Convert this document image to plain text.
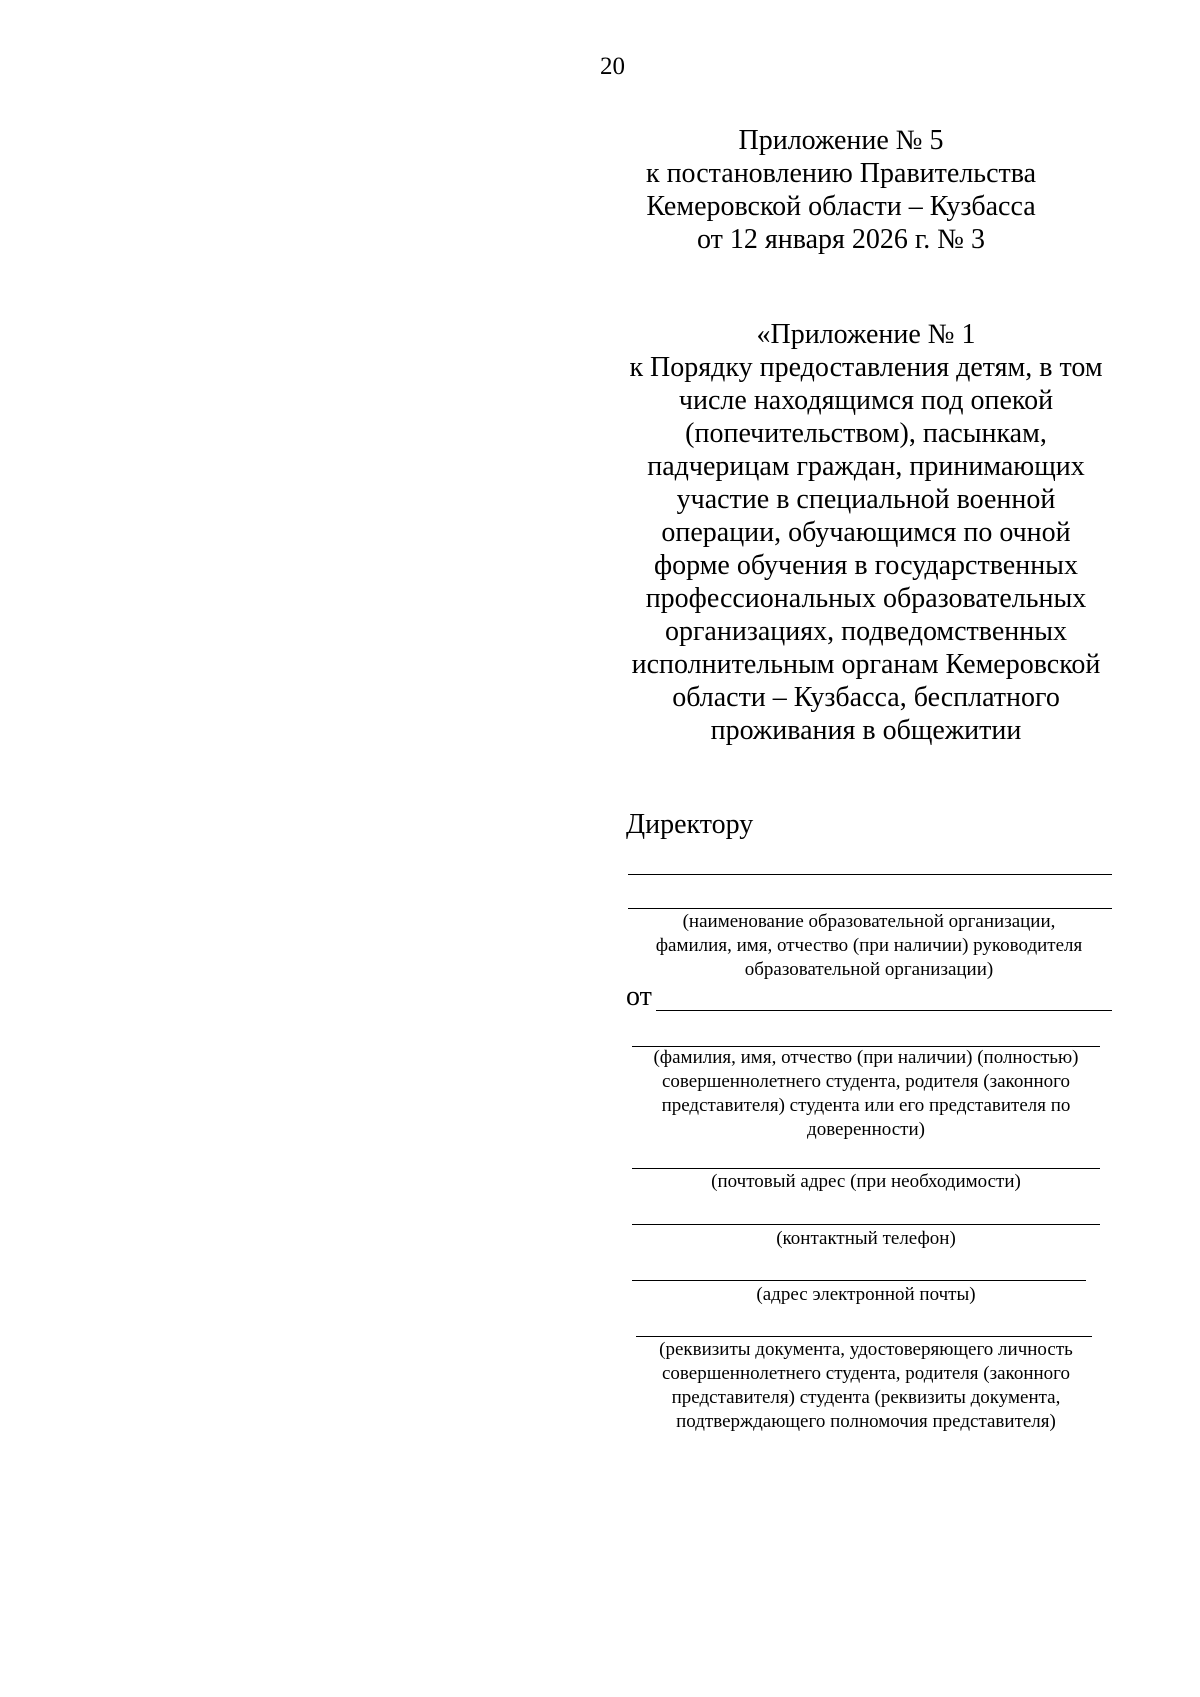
20
Приложение № 5
к постановлению Правительства
Кемеровской области – Кузбасса
от 12 января 2026 г. № 3
«Приложение № 1
к Порядку предоставления детям, в том
числе находящимся под опекой
(попечительством), пасынкам,
падчерицам граждан, принимающих
участие в специальной военной
операции, обучающимся по очной
форме обучения в государственных
профессиональных образовательных
организациях, подведомственных
исполнительным органам Кемеровской
области – Кузбасса, бесплатного
проживания в общежитии
Директору
(наименование образовательной организации,
фамилия, имя, отчество (при наличии) руководителя
образовательной организации)
от
(фамилия, имя, отчество (при наличии) (полностью)
совершеннолетнего студента, родителя (законного
представителя) студента или его представителя по
доверенности)
(почтовый адрес (при необходимости)
(контактный телефон)
(адрес электронной почты)
(реквизиты документа, удостоверяющего личность
совершеннолетнего студента, родителя (законного
представителя) студента (реквизиты документа,
подтверждающего полномочия представителя)
